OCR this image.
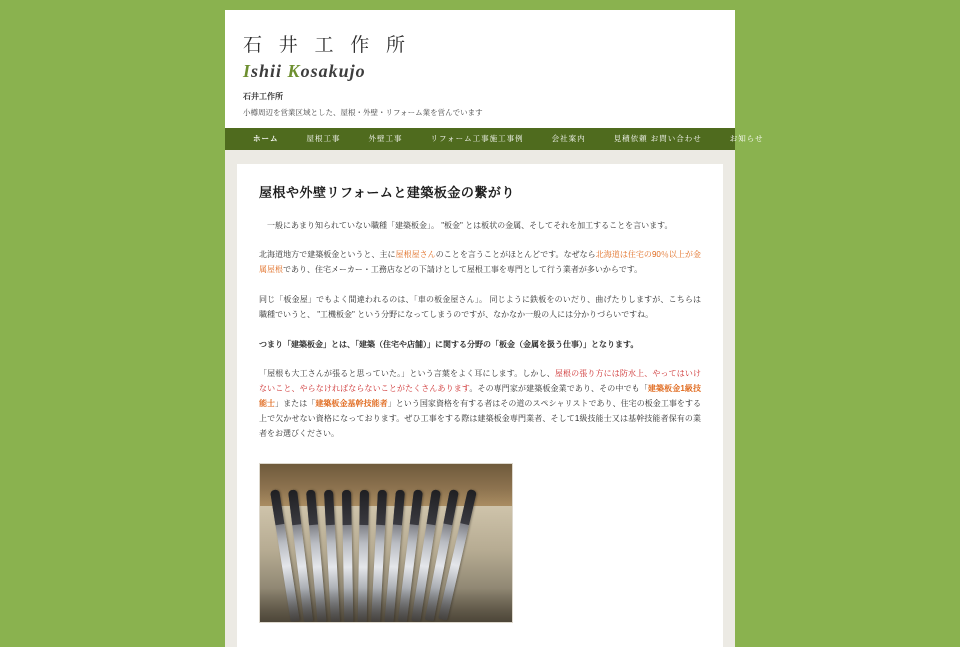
石 井 工 作 所
Ishii Kosakujo
石井工作所
小樽周辺を営業区域とした、屋根・外壁・リフォーム業を営んでいます
ホーム	屋根工事	外壁工事	リフォーム工事施工事例	会社案内	見積依頼 お問い合わせ	お知らせ
屋根や外壁リフォームと建築板金の繋がり

一般にあまり知られていない職種「建築板金」。 "板金" とは板状の金属、そしてそれを加工することを言います。

北海道地方で建築板金というと、主に屋根屋さんのことを言うことがほとんどです。なぜなら北海道は住宅の90％以上が金属屋根であり、住宅メーカー・工務店などの下請けとして屋根工事を専門として行う業者が多いからです。

同じ「板金屋」でもよく間違われるのは、「車の板金屋さん」。 同じように鉄板をのいだり、曲げたりしますが、こちらは職種でいうと、 "工機板金" という分野になってしまうのですが、なかなか一般の人には分かりづらいですね。

つまり「建築板金」とは、「建築（住宅や店舗）」に関する分野の「板金（金属を扱う仕事）」となります。

「屋根も大工さんが張ると思っていた。」という言葉をよく耳にします。しかし、屋根の張り方には防水上、やってはいけないこと、やらなければならないことがたくさんあります。その専門家が建築板金業であり、その中でも「建築板金1級技能士」または「建築板金基幹技能者」という国家資格を有する者はその道のスペシャリストであり、住宅の板金工事をする上で欠かせない資格になっております。ぜひ工事をする際は建築板金専門業者、そして1級技能士又は基幹技能者保有の業者をお選びください。
